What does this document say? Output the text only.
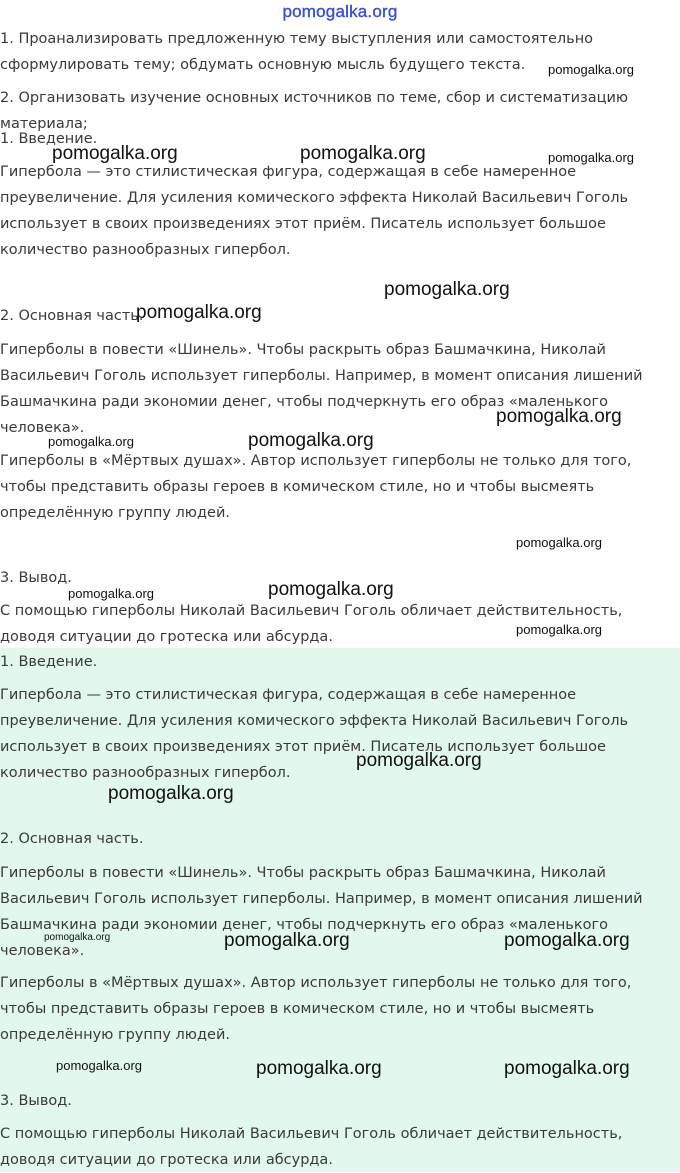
pomogalka.org

1. Проанализировать предложенную тему выступления или самостоятельно сформулировать тему; обдумать основную мысль будущего текста.

2. Организовать изучение основных источников по теме, сбор и систематизацию материала;

1. Введение.

Гипербола — это стилистическая фигура, содержащая в себе намеренное преувеличение. Для усиления комического эффекта Николай Васильевич Гоголь использует в своих произведениях этот приём. Писатель использует большое количество разнообразных гипербол.

2. Основная часть.

Гиперболы в повести «Шинель». Чтобы раскрыть образ Башмачкина, Николай Васильевич Гоголь использует гиперболы. Например, в момент описания лишений Башмачкина ради экономии денег, чтобы подчеркнуть его образ «маленького человека».

Гиперболы в «Мёртвых душах». Автор использует гиперболы не только для того, чтобы представить образы героев в комическом стиле, но и чтобы высмеять определённую группу людей.

3. Вывод.

С помощью гиперболы Николай Васильевич Гоголь обличает действительность, доводя ситуации до гротеска или абсурда.

1. Введение.

Гипербола — это стилистическая фигура, содержащая в себе намеренное преувеличение. Для усиления комического эффекта Николай Васильевич Гоголь использует в своих произведениях этот приём. Писатель использует большое количество разнообразных гипербол.

2. Основная часть.

Гиперболы в повести «Шинель». Чтобы раскрыть образ Башмачкина, Николай Васильевич Гоголь использует гиперболы. Например, в момент описания лишений Башмачкина ради экономии денег, чтобы подчеркнуть его образ «маленького человека».

Гиперболы в «Мёртвых душах». Автор использует гиперболы не только для того, чтобы представить образы героев в комическом стиле, но и чтобы высмеять определённую группу людей.

3. Вывод.

С помощью гиперболы Николай Васильевич Гоголь обличает действительность, доводя ситуации до гротеска или абсурда.

pomogalka.org
pomogalka.org	pomogalka.org	pomogalka.org
pomogalka.org
pomogalka.org
pomogalka.org
pomogalka.org	pomogalka.org
pomogalka.org
pomogalka.org	pomogalka.org
pomogalka.org
pomogalka.org
pomogalka.org
pomogalka.org	pomogalka.org	pomogalka.org
pomogalka.org	pomogalka.org	pomogalka.org
